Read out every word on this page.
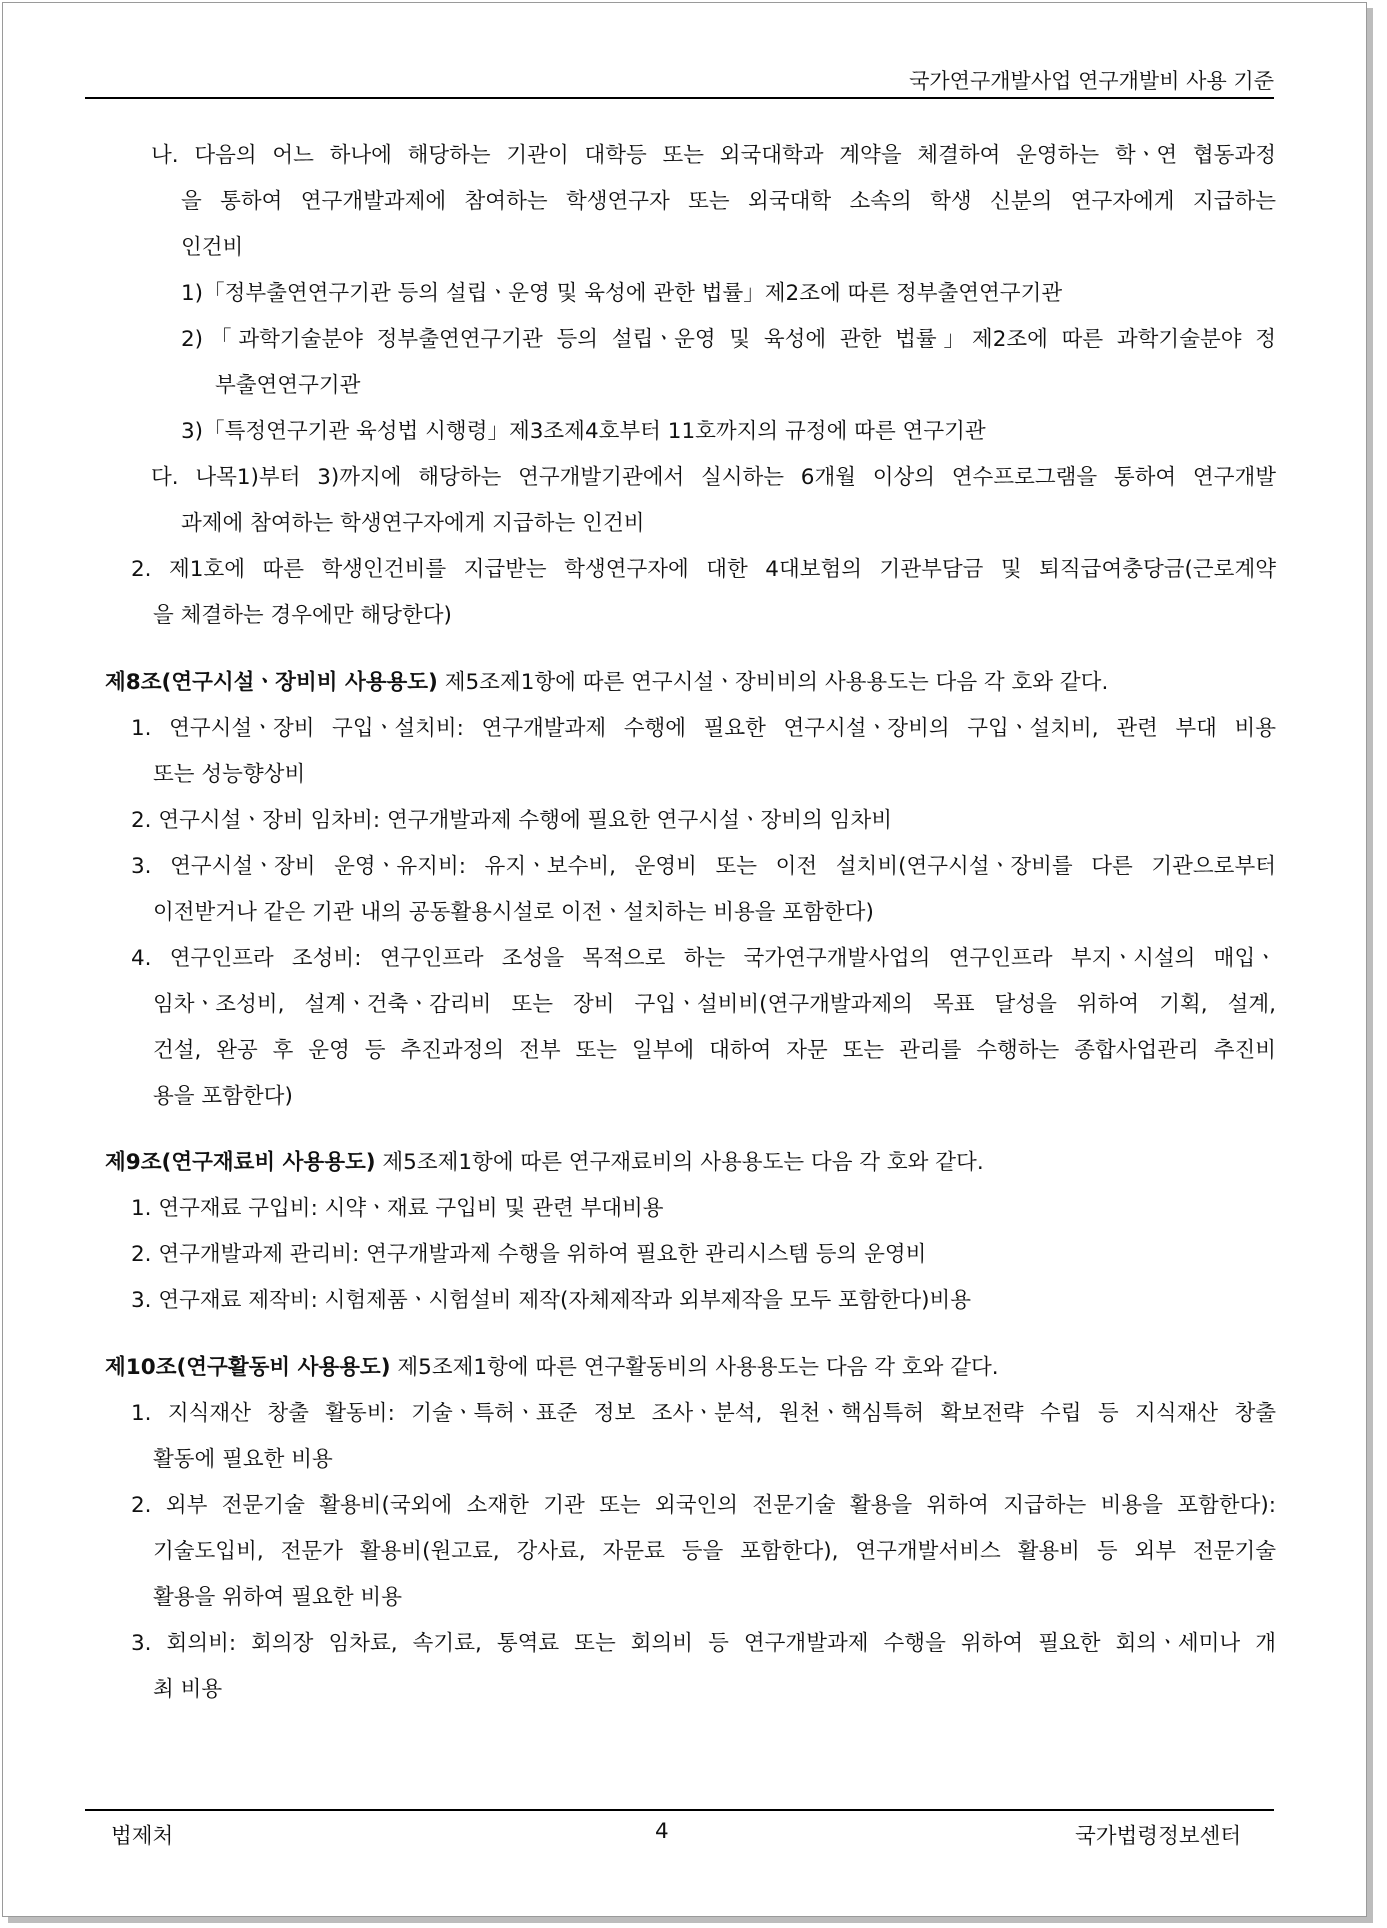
국가연구개발사업 연구개발비 사용 기준
나. 다음의 어느 하나에 해당하는 기관이 대학등 또는 외국대학과 계약을 체결하여 운영하는 학ㆍ연 협동과정
을 통하여 연구개발과제에 참여하는 학생연구자 또는 외국대학 소속의 학생 신분의 연구자에게 지급하는
인건비
1)「정부출연연구기관 등의 설립ㆍ운영 및 육성에 관한 법률」제2조에 따른 정부출연연구기관
2)「과학기술분야 정부출연연구기관 등의 설립ㆍ운영 및 육성에 관한 법률」제2조에 따른 과학기술분야 정
부출연연구기관
3)「특정연구기관 육성법 시행령」제3조제4호부터 11호까지의 규정에 따른 연구기관
다. 나목1)부터 3)까지에 해당하는 연구개발기관에서 실시하는 6개월 이상의 연수프로그램을 통하여 연구개발
과제에 참여하는 학생연구자에게 지급하는 인건비
2. 제1호에 따른 학생인건비를 지급받는 학생연구자에 대한 4대보험의 기관부담금 및 퇴직급여충당금(근로계약
을 체결하는 경우에만 해당한다)
제8조(연구시설ㆍ장비비 사용용도) 제5조제1항에 따른 연구시설ㆍ장비비의 사용용도는 다음 각 호와 같다.
1. 연구시설ㆍ장비 구입ㆍ설치비: 연구개발과제 수행에 필요한 연구시설ㆍ장비의 구입ㆍ설치비, 관련 부대 비용
또는 성능향상비
2. 연구시설ㆍ장비 임차비: 연구개발과제 수행에 필요한 연구시설ㆍ장비의 임차비
3. 연구시설ㆍ장비 운영ㆍ유지비: 유지ㆍ보수비, 운영비 또는 이전 설치비(연구시설ㆍ장비를 다른 기관으로부터
이전받거나 같은 기관 내의 공동활용시설로 이전ㆍ설치하는 비용을 포함한다)
4. 연구인프라 조성비: 연구인프라 조성을 목적으로 하는 국가연구개발사업의 연구인프라 부지ㆍ시설의 매입ㆍ
임차ㆍ조성비, 설계ㆍ건축ㆍ감리비 또는 장비 구입ㆍ설비비(연구개발과제의 목표 달성을 위하여 기획, 설계,
건설, 완공 후 운영 등 추진과정의 전부 또는 일부에 대하여 자문 또는 관리를 수행하는 종합사업관리 추진비
용을 포함한다)
제9조(연구재료비 사용용도) 제5조제1항에 따른 연구재료비의 사용용도는 다음 각 호와 같다.
1. 연구재료 구입비: 시약ㆍ재료 구입비 및 관련 부대비용
2. 연구개발과제 관리비: 연구개발과제 수행을 위하여 필요한 관리시스템 등의 운영비
3. 연구재료 제작비: 시험제품ㆍ시험설비 제작(자체제작과 외부제작을 모두 포함한다)비용
제10조(연구활동비 사용용도) 제5조제1항에 따른 연구활동비의 사용용도는 다음 각 호와 같다.
1. 지식재산 창출 활동비: 기술ㆍ특허ㆍ표준 정보 조사ㆍ분석, 원천ㆍ핵심특허 확보전략 수립 등 지식재산 창출
활동에 필요한 비용
2. 외부 전문기술 활용비(국외에 소재한 기관 또는 외국인의 전문기술 활용을 위하여 지급하는 비용을 포함한다):
기술도입비, 전문가 활용비(원고료, 강사료, 자문료 등을 포함한다), 연구개발서비스 활용비 등 외부 전문기술
활용을 위하여 필요한 비용
3. 회의비: 회의장 임차료, 속기료, 통역료 또는 회의비 등 연구개발과제 수행을 위하여 필요한 회의ㆍ세미나 개
최 비용
법제처	4	국가법령정보센터
